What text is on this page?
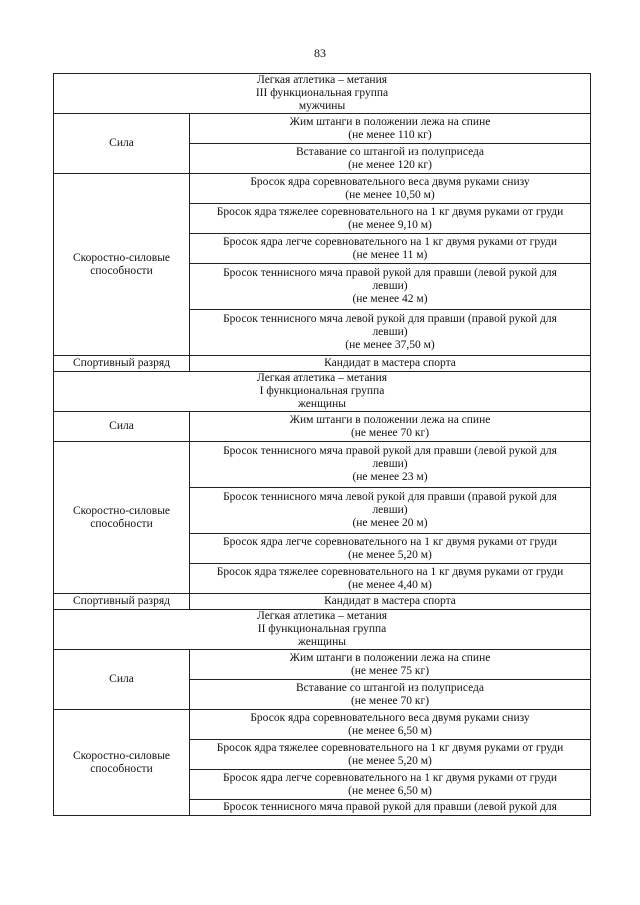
83
Легкая атлетика – метания
III функциональная группа
мужчины	

Сила	Жим штанги в положении лежа на спине
(не менее 110 кг)

	Вставание со штангой из полуприседа
(не менее 120 кг)

Скоростно-силовые
способности	Бросок ядра соревновательного веса двумя руками снизу
(не менее 10,50 м)

	Бросок ядра тяжелее соревновательного на 1 кг двумя руками от груди
(не менее 9,10 м)

	Бросок ядра легче соревновательного на 1 кг двумя руками от груди
(не менее 11 м)

	Бросок теннисного мяча правой рукой для правши (левой рукой для
левши)
(не менее 42 м)

	Бросок теннисного мяча левой рукой для правши (правой рукой для
левши)
(не менее 37,50 м)

Спортивный разряд	Кандидат в мастера спорта

Легкая атлетика – метания
I функциональная группа
женщины	

Сила	Жим штанги в положении лежа на спине
(не менее 70 кг)

Скоростно-силовые
способности	Бросок теннисного мяча правой рукой для правши (левой рукой для
левши)
(не менее 23 м)

	Бросок теннисного мяча левой рукой для правши (правой рукой для
левши)
(не менее 20 м)

	Бросок ядра легче соревновательного на 1 кг двумя руками от груди
(не менее 5,20 м)

	Бросок ядра тяжелее соревновательного на 1 кг двумя руками от груди
(не менее 4,40 м)

Спортивный разряд	Кандидат в мастера спорта

Легкая атлетика – метания
II функциональная группа
женщины	

Сила	Жим штанги в положении лежа на спине
(не менее 75 кг)

	Вставание со штангой из полуприседа
(не менее 70 кг)

Скоростно-силовые
способности	Бросок ядра соревновательного веса двумя руками снизу
(не менее 6,50 м)

	Бросок ядра тяжелее соревновательного на 1 кг двумя руками от груди
(не менее 5,20 м)

	Бросок ядра легче соревновательного на 1 кг двумя руками от груди
(не менее 6,50 м)

	Бросок теннисного мяча правой рукой для правши (левой рукой для
